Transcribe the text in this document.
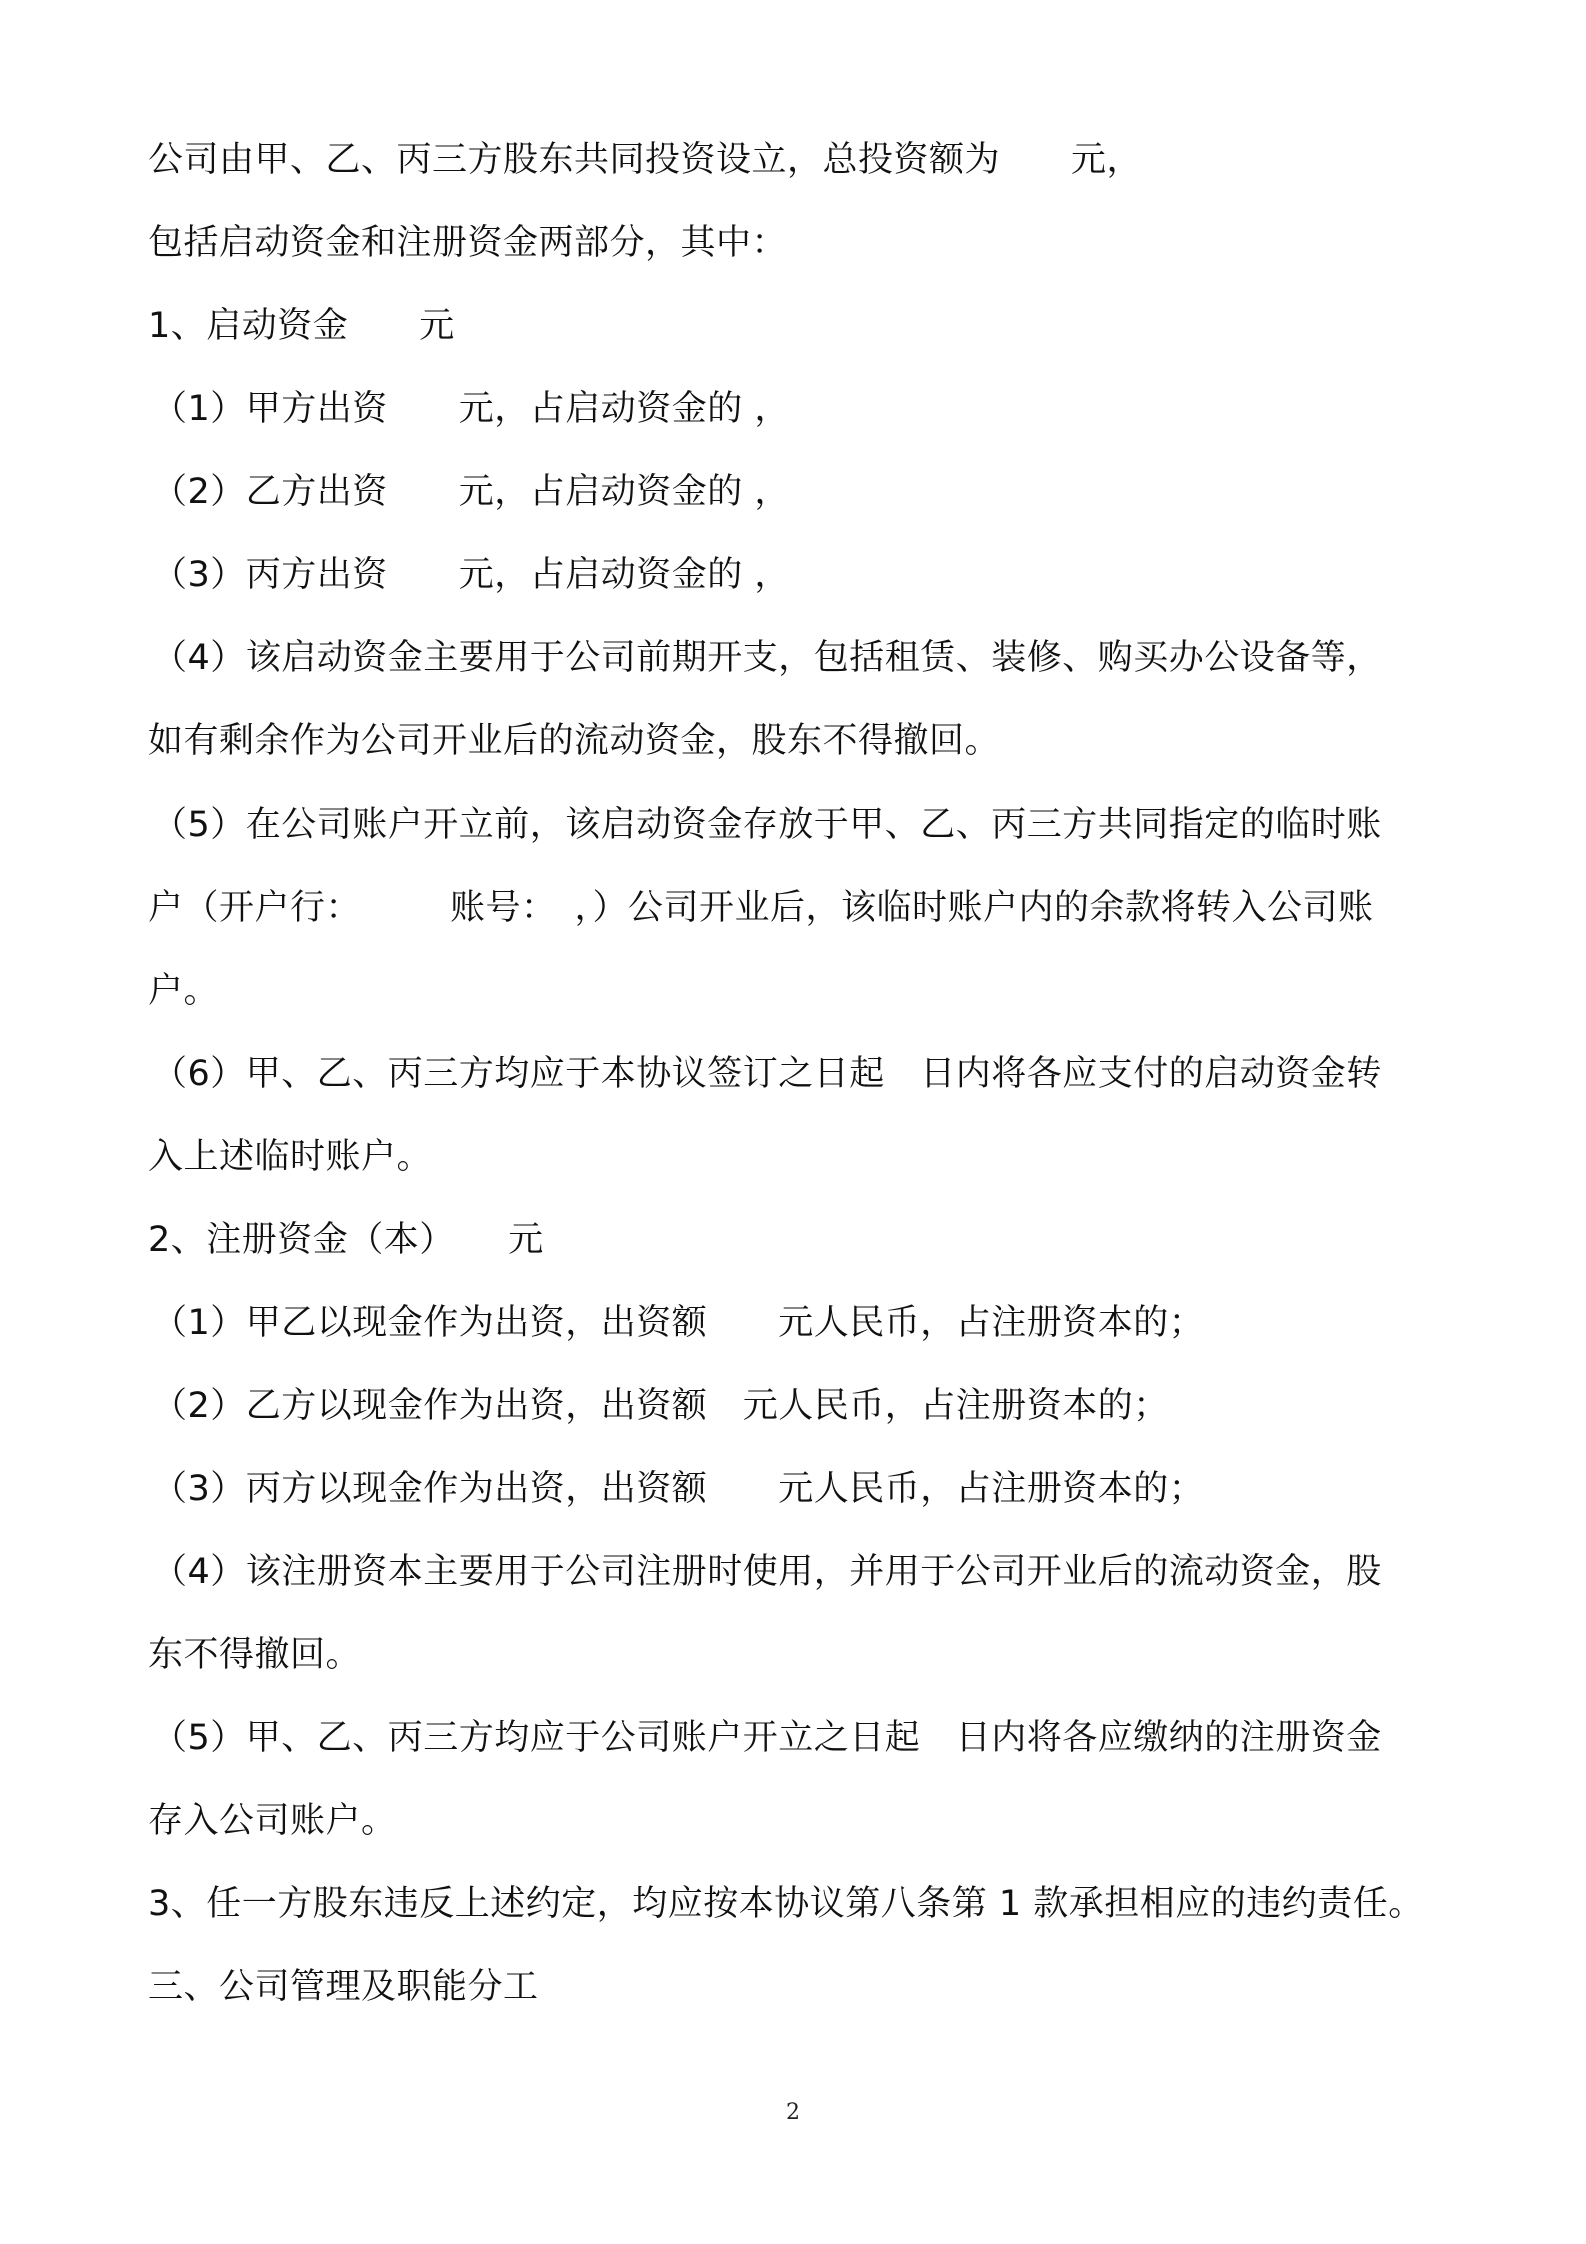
公司由甲、乙、丙三方股东共同投资设立，总投资额为　　元，
包括启动资金和注册资金两部分，其中：
1、启动资金　　元
（1）甲方出资　　元，占启动资金的 ，
（2）乙方出资　　元，占启动资金的 ，
（3）丙方出资　　元，占启动资金的 ，
（4）该启动资金主要用于公司前期开支，包括租赁、装修、购买办公设备等，
如有剩余作为公司开业后的流动资金，股东不得撤回。
（5）在公司账户开立前，该启动资金存放于甲、乙、丙三方共同指定的临时账
户（开户行：　　　账号：　，）公司开业后，该临时账户内的余款将转入公司账
户。
（6）甲、乙、丙三方均应于本协议签订之日起　日内将各应支付的启动资金转
入上述临时账户。
2、注册资金（本）　　元
（1）甲乙以现金作为出资，出资额　　元人民币，占注册资本的；
（2）乙方以现金作为出资，出资额　元人民币，占注册资本的；
（3）丙方以现金作为出资，出资额　　元人民币，占注册资本的；
（4）该注册资本主要用于公司注册时使用，并用于公司开业后的流动资金，股
东不得撤回。
（5）甲、乙、丙三方均应于公司账户开立之日起　日内将各应缴纳的注册资金
存入公司账户。
3、任一方股东违反上述约定，均应按本协议第八条第 1 款承担相应的违约责任。
三、公司管理及职能分工
2
